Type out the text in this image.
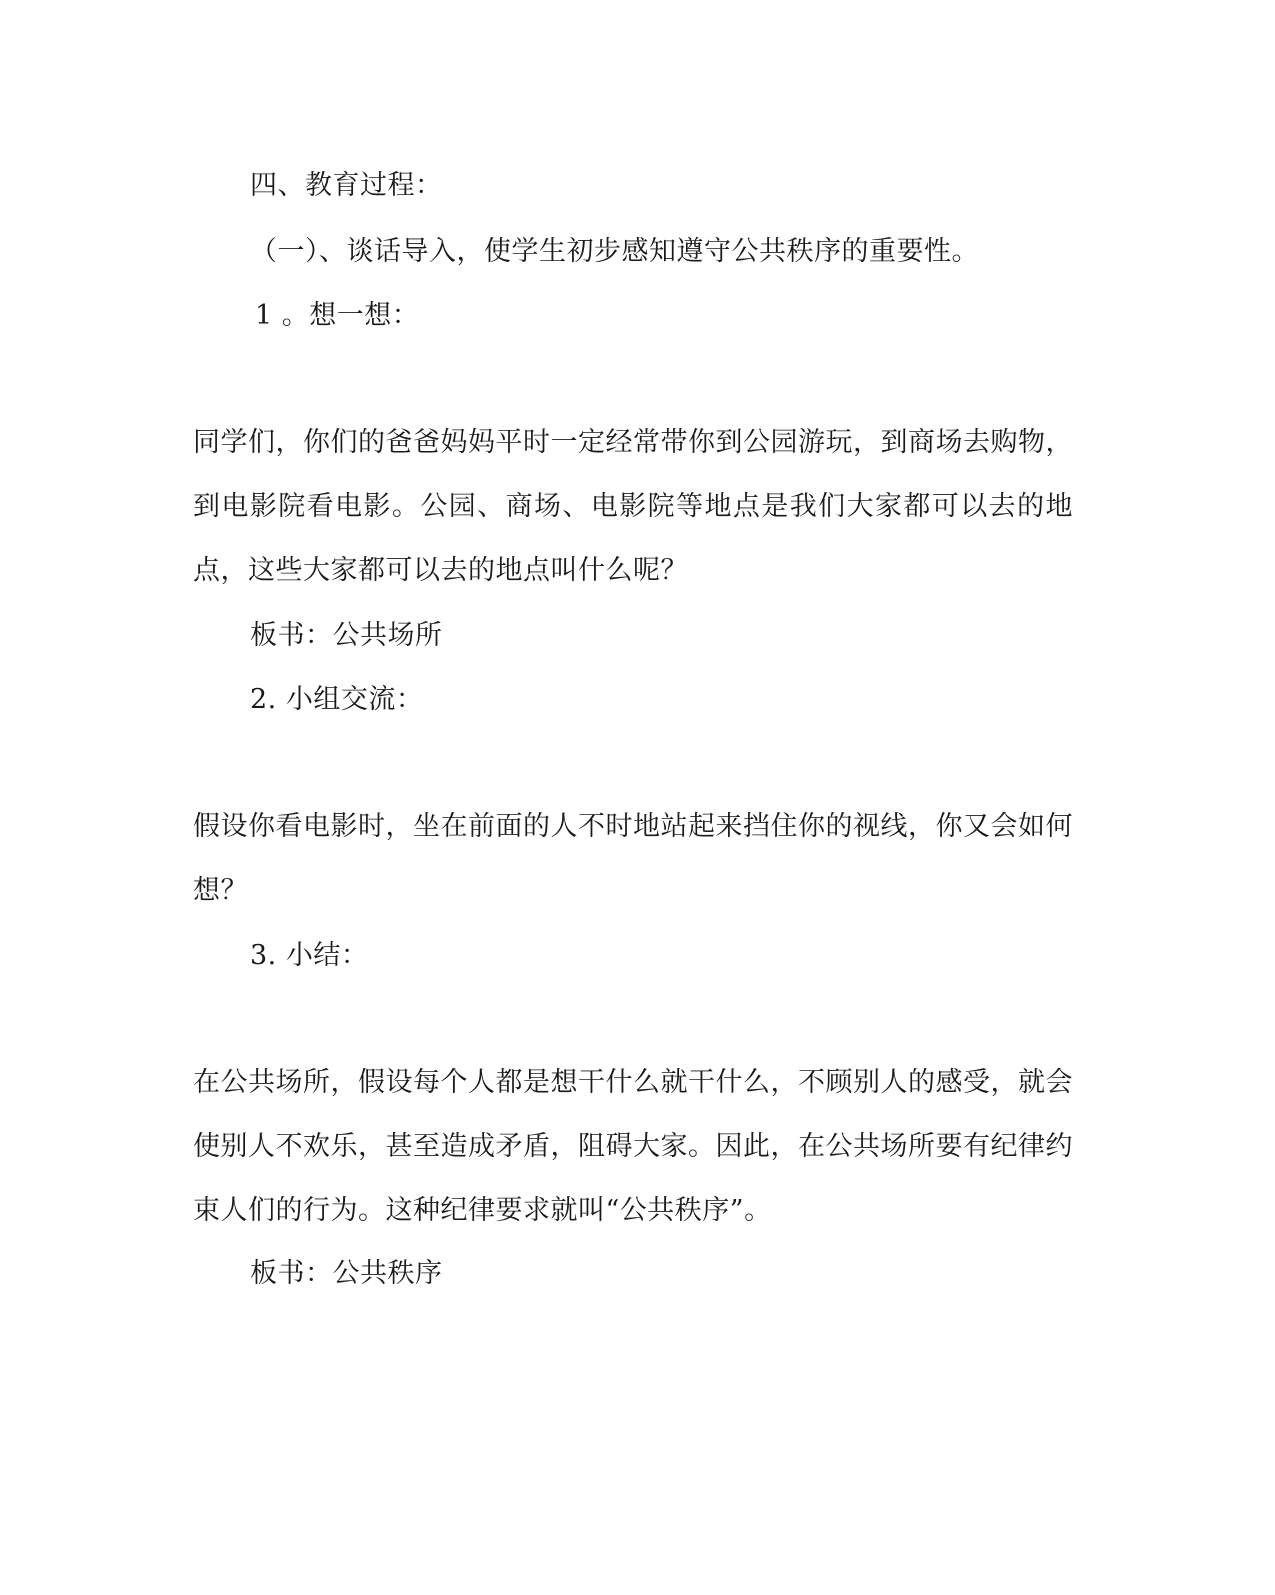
四、教育过程：
（一）、谈话导入，使学生初步感知遵守公共秩序的重要性。
1 。想一想：
同学们，你们的爸爸妈妈平时一定经常带你到公园游玩，到商场去购物，到电影院看电影。公园、商场、电影院等地点是我们大家都可以去的地点，这些大家都可以去的地点叫什么呢？
板书：公共场所
2. 小组交流：
假设你看电影时，坐在前面的人不时地站起来挡住你的视线，你又会如何想？
3. 小结：
在公共场所，假设每个人都是想干什么就干什么，不顾别人的感受，就会使别人不欢乐，甚至造成矛盾，阻碍大家。因此，在公共场所要有纪律约束人们的行为。这种纪律要求就叫“公共秩序”。
板书：公共秩序
